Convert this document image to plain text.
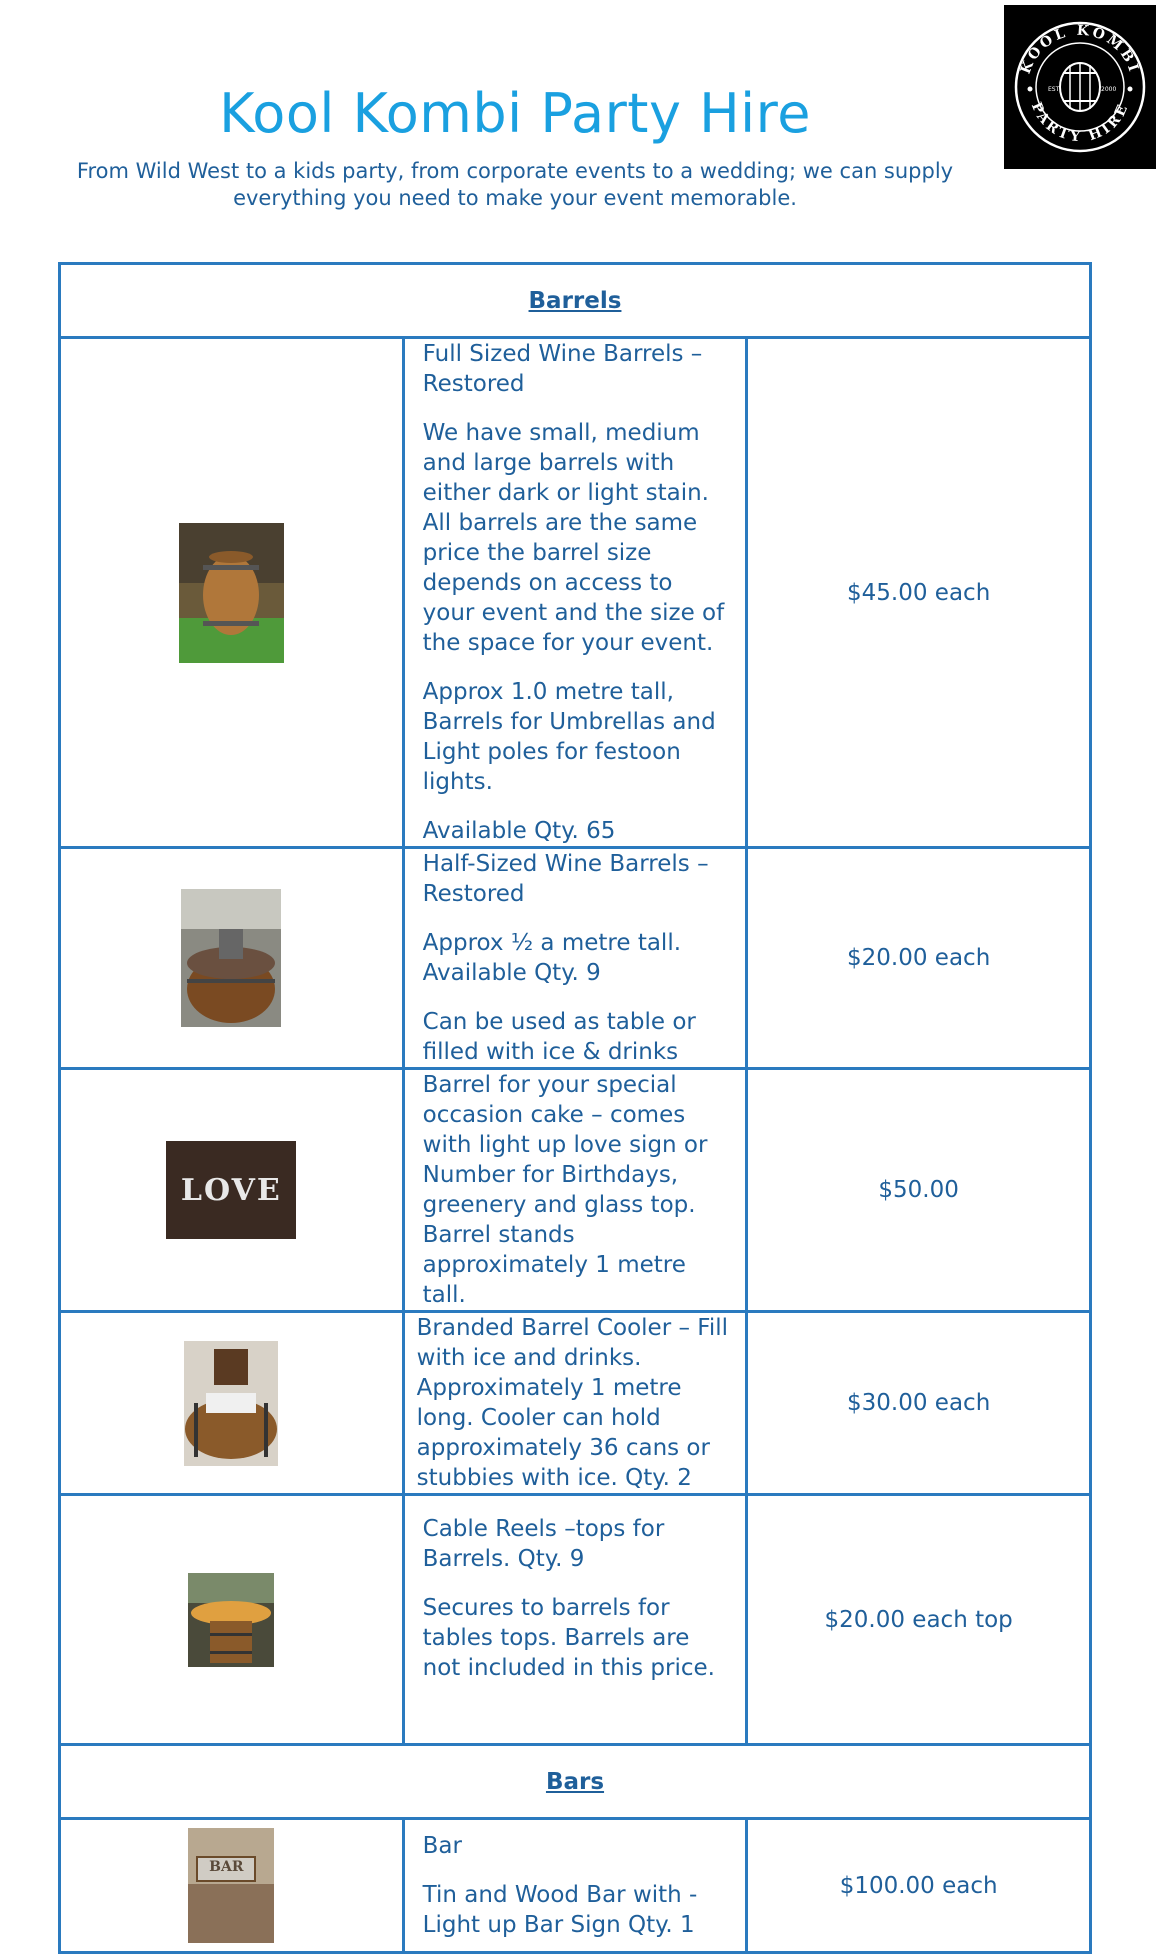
Kool Kombi Party Hire
From Wild West to a kids party, from corporate events to a wedding; we can supply everything you need to make your event memorable.
KOOL KOMBI
PARTY HIRE
EST	2000
Barrels		

Full Sized Wine Barrels – Restored

We have small, medium and large barrels with either dark or light stain. All barrels are the same price the barrel size depends on access to your event and the size of the space for your event.

Approx 1.0 metre tall, Barrels for Umbrellas and Light poles for festoon lights.

Available Qty. 65	$45.00 each

Half-Sized Wine Barrels – Restored

Approx ½ a metre tall. Available Qty. 9

Can be used as table or filled with ice & drinks	$20.00 each

LOVE	Barrel for your special occasion cake – comes with light up love sign or Number for Birthdays, greenery and glass top. Barrel stands approximately 1 metre tall.	$50.00

Branded Barrel Cooler – Fill with ice and drinks. Approximately 1 metre long. Cooler can hold approximately 36 cans or stubbies with ice. Qty. 2	$30.00 each

Cable Reels –tops for Barrels. Qty. 9

Secures to barrels for tables tops. Barrels are not included in this price.	$20.00 each top
Bars		

BAR	Bar

Tin and Wood Bar with - Light up Bar Sign Qty. 1	$100.00 each
